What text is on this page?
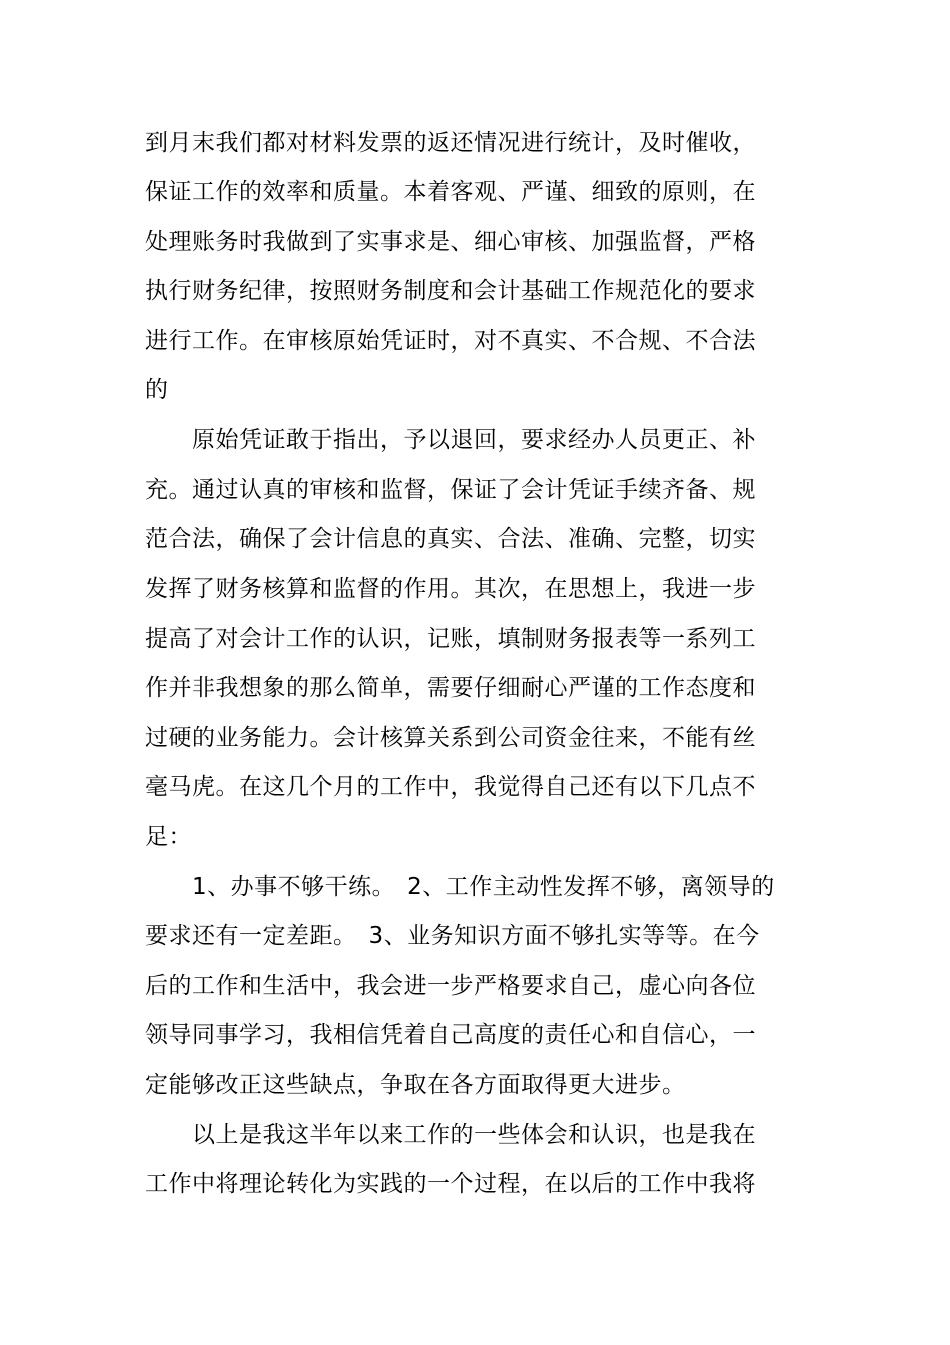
到月末我们都对材料发票的返还情况进行统计，及时催收，

保证工作的效率和质量。本着客观、严谨、细致的原则，在

处理账务时我做到了实事求是、细心审核、加强监督，严格

执行财务纪律，按照财务制度和会计基础工作规范化的要求

进行工作。在审核原始凭证时，对不真实、不合规、不合法

的

原始凭证敢于指出，予以退回，要求经办人员更正、补

充。通过认真的审核和监督，保证了会计凭证手续齐备、规

范合法，确保了会计信息的真实、合法、准确、完整，切实

发挥了财务核算和监督的作用。其次，在思想上，我进一步

提高了对会计工作的认识，记账，填制财务报表等一系列工

作并非我想象的那么简单，需要仔细耐心严谨的工作态度和

过硬的业务能力。会计核算关系到公司资金往来，不能有丝

毫马虎。在这几个月的工作中，我觉得自己还有以下几点不

足：

1、办事不够干练。　2、工作主动性发挥不够，离领导的

要求还有一定差距。　3、业务知识方面不够扎实等等。在今

后的工作和生活中，我会进一步严格要求自己，虚心向各位

领导同事学习，我相信凭着自己高度的责任心和自信心，一

定能够改正这些缺点，争取在各方面取得更大进步。

以上是我这半年以来工作的一些体会和认识，也是我在

工作中将理论转化为实践的一个过程，在以后的工作中我将
